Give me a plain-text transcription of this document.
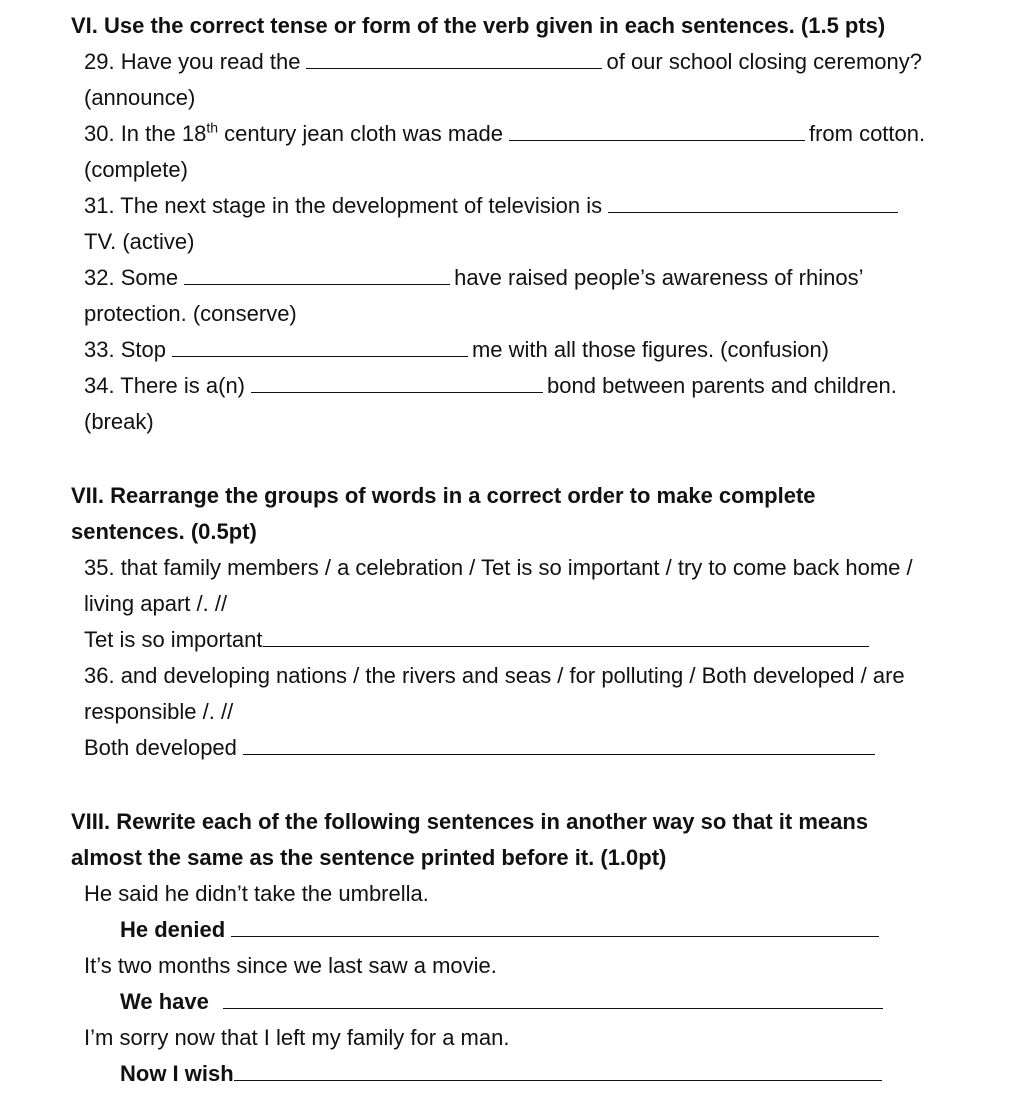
VI. Use the correct tense or form of the verb given in each sentences. (1.5 pts)
29. Have you read the	of our school closing ceremony?
(announce)
30. In the 18th century jean cloth was made	from cotton.
(complete)
31. The next stage in the development of television is
TV. (active)
32. Some	have raised people’s awareness of rhinos’
protection. (conserve)
33. Stop	me with all those figures. (confusion)
34. There is a(n)	bond between parents and children.
(break)
VII. Rearrange the groups of words in a correct order to make complete
sentences. (0.5pt)
35. that family members / a celebration / Tet is so important / try to come back home /
living apart /. //
Tet is so important
36. and developing nations / the rivers and seas / for polluting / Both developed / are
responsible /. //
Both developed
VIII. Rewrite each of the following sentences in another way so that it means
almost the same as the sentence printed before it. (1.0pt)
He said he didn’t take the umbrella.
He denied
It’s two months since we last saw a movie.
We have
I’m sorry now that I left my family for a man.
Now I wish
